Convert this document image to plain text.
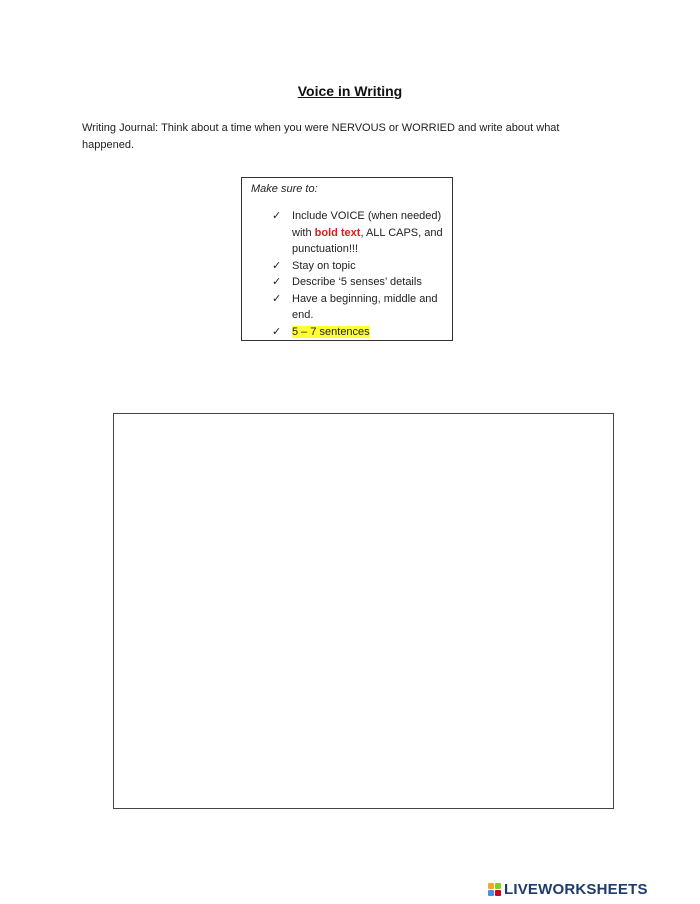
Voice in Writing
Writing Journal: Think about a time when you were NERVOUS or WORRIED and write about what happened.
Make sure to:
✓ Include VOICE (when needed) with bold text, ALL CAPS, and punctuation!!!
✓ Stay on topic
✓ Describe ‘5 senses’ details
✓ Have a beginning, middle and end.
✓ 5 – 7 sentences
LIVEWORKSHEETS
